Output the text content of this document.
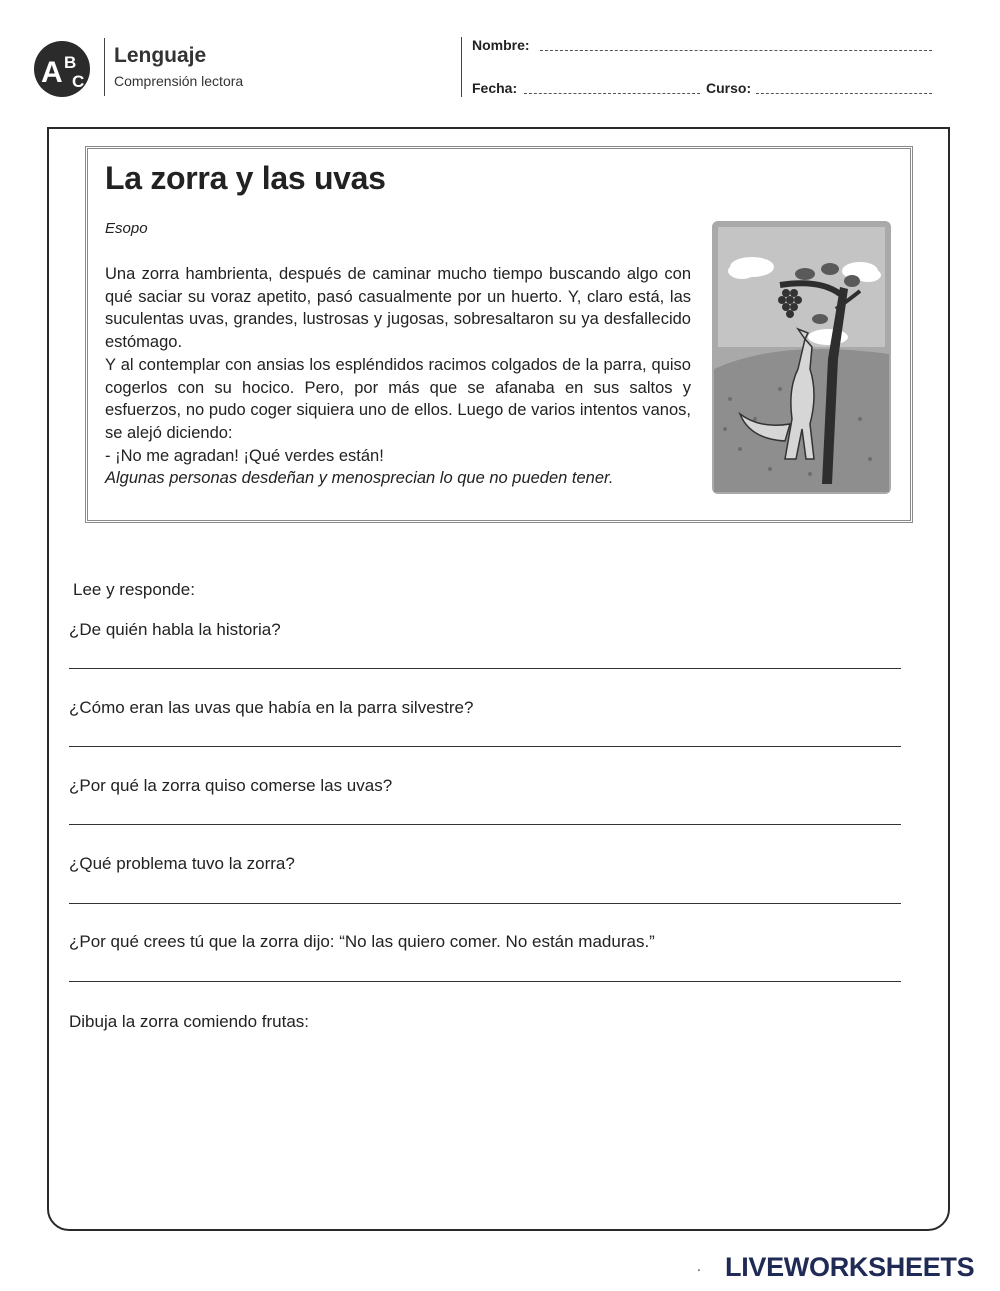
A B
C
Lenguaje
Comprensión lectora
Nombre:
Fecha:	Curso:
La zorra y las uvas
Esopo

Una zorra hambrienta, después de caminar mucho tiempo buscando algo con qué saciar su voraz apetito, pasó casualmente por un huerto. Y, claro está, las suculentas uvas, grandes, lustrosas y jugosas, sobresaltaron su ya desfallecido estómago.

Y al contemplar con ansias los espléndidos racimos colgados de la parra, quiso cogerlos con su hocico. Pero, por más que se afanaba en sus saltos y esfuerzos, no pudo coger siquiera uno de ellos. Luego de varios intentos vanos, se alejó diciendo:

- ¡No me agradan! ¡Qué verdes están!

Algunas personas desdeñan y menosprecian lo que no pueden tener.

Lee y responde:
¿De quién habla la historia?
¿Cómo eran las uvas que había en la parra silvestre?
¿Por qué la zorra quiso comerse las uvas?
¿Qué problema tuvo la zorra?
¿Por qué crees tú que la zorra dijo: “No las quiero comer. No están maduras.”
Dibuja la zorra comiendo frutas:
LIVEWORKSHEETS
